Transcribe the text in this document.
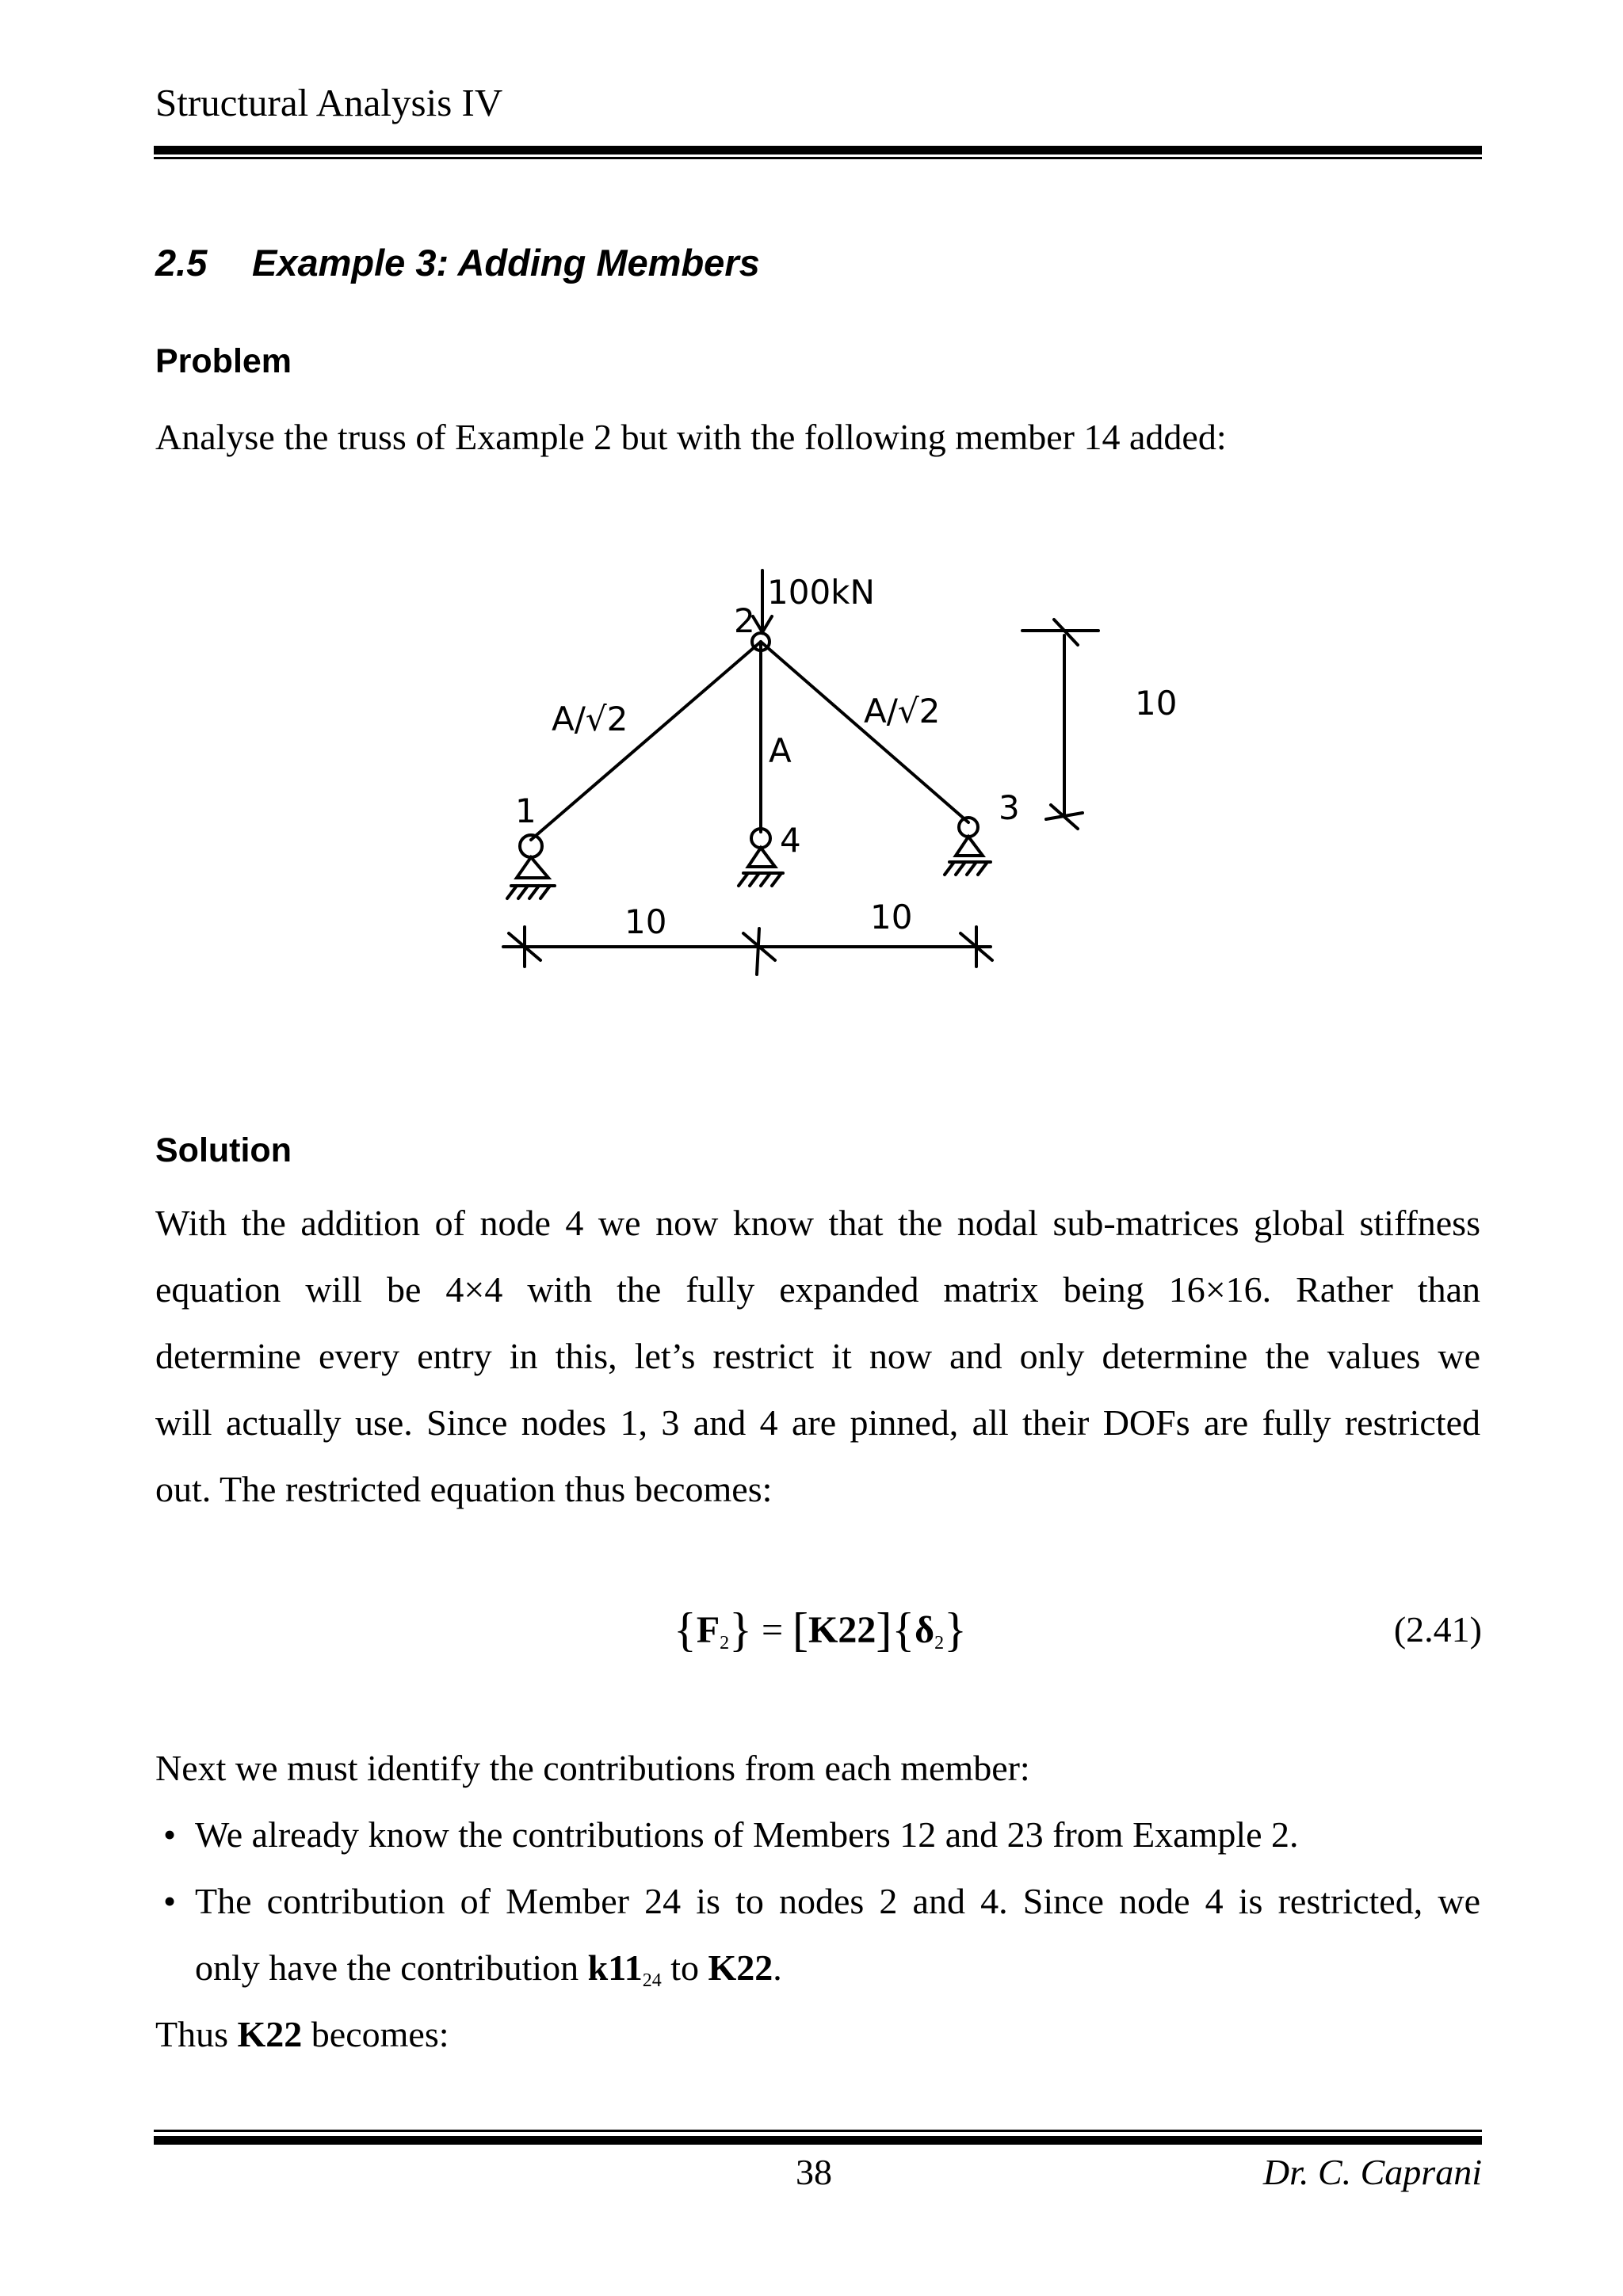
Structural Analysis IV
2.5 Example 3: Adding Members
Problem
Analyse the truss of Example 2 but with the following member 14 added:
100kN
1
2
3
4
A/√2
A
A/√2	10
10	10
Solution
With the addition of node 4 we now know that the nodal sub-matrices global stiffness
equation will be 4×4 with the fully expanded matrix being 16×16. Rather than
determine every entry in this, let’s restrict it now and only determine the values we
will actually use. Since nodes 1, 3 and 4 are pinned, all their DOFs are fully restricted
out. The restricted equation thus becomes:
$\{F_2\} = [K22]\{\delta_2\}$	(2.41)
Next we must identify the contributions from each member:
• We already know the contributions of Members 12 and 23 from Example 2.
• The contribution of Member 24 is to nodes 2 and 4. Since node 4 is restricted, we
only have the contribution $k11_{24}$ to K22.
Thus K22 becomes:
38	Dr. C. Caprani
